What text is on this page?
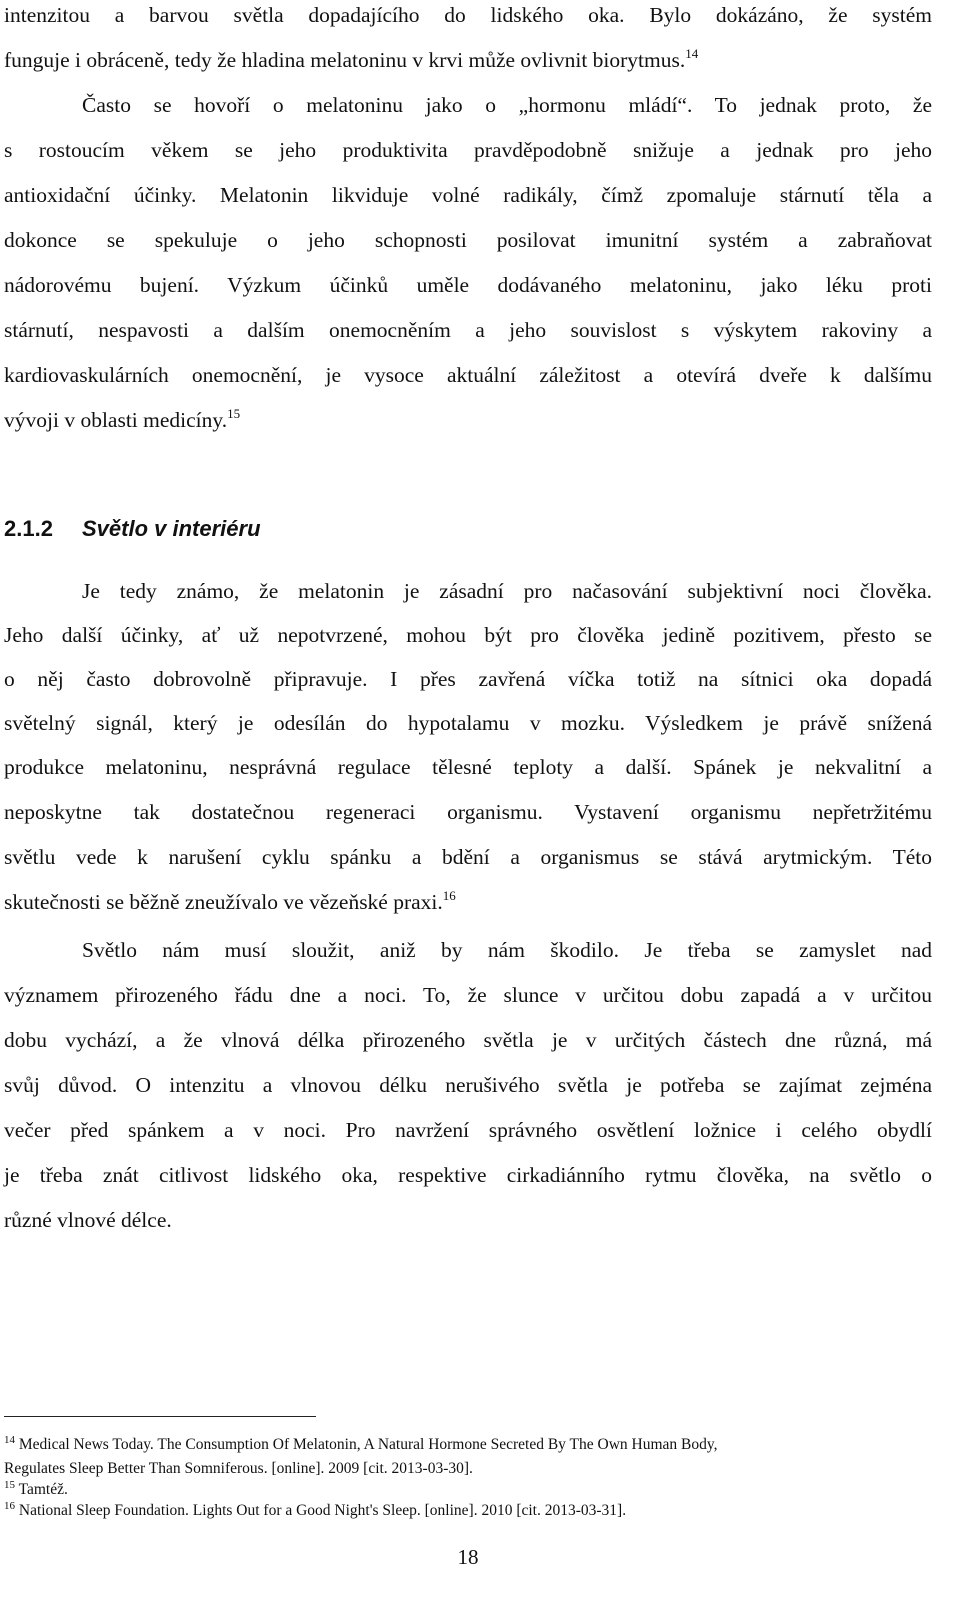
intenzitou a barvou světla dopadajícího do lidského oka. Bylo dokázáno, že systém
funguje i obráceně, tedy že hladina melatoninu v krvi může ovlivnit biorytmus.$^{14}$
Často se hovoří o melatoninu jako o „hormonu mládí“. To jednak proto, že
s rostoucím věkem se jeho produktivita pravděpodobně snižuje a jednak pro jeho
antioxidační účinky. Melatonin likviduje volné radikály, čímž zpomaluje stárnutí těla a
dokonce se spekuluje o jeho schopnosti posilovat imunitní systém a zabraňovat
nádorovému bujení. Výzkum účinků uměle dodávaného melatoninu, jako léku proti
stárnutí, nespavosti a dalším onemocněním a jeho souvislost s výskytem rakoviny a
kardiovaskulárních onemocnění, je vysoce aktuální záležitost a otevírá dveře k dalšímu
vývoji v oblasti medicíny.$^{15}$
2.1.2 Světlo v interiéru
Je tedy známo, že melatonin je zásadní pro načasování subjektivní noci člověka.
Jeho další účinky, ať už nepotvrzené, mohou být pro člověka jedině pozitivem, přesto se
o něj často dobrovolně připravuje. I přes zavřená víčka totiž na sítnici oka dopadá
světelný signál, který je odesílán do hypotalamu v mozku. Výsledkem je právě snížená
produkce melatoninu, nesprávná regulace tělesné teploty a další. Spánek je nekvalitní a
neposkytne tak dostatečnou regeneraci organismu. Vystavení organismu nepřetržitému
světlu vede k narušení cyklu spánku a bdění a organismus se stává arytmickým. Této
skutečnosti se běžně zneužívalo ve vězeňské praxi.$^{16}$
Světlo nám musí sloužit, aniž by nám škodilo. Je třeba se zamyslet nad
významem přirozeného řádu dne a noci. To, že slunce v určitou dobu zapadá a v určitou
dobu vychází, a že vlnová délka přirozeného světla je v určitých částech dne různá, má
svůj důvod. O intenzitu a vlnovou délku nerušivého světla je potřeba se zajímat zejména
večer před spánkem a v noci. Pro navržení správného osvětlení ložnice i celého obydlí
je třeba znát citlivost lidského oka, respektive cirkadiánního rytmu člověka, na světlo o
různé vlnové délce.
$^{14}$ Medical News Today. The Consumption Of Melatonin, A Natural Hormone Secreted By The Own Human Body,
Regulates Sleep Better Than Somniferous. [online]. 2009 [cit. 2013-03-30].
$^{15}$ Tamtéž.
$^{16}$ National Sleep Foundation. Lights Out for a Good Night's Sleep. [online]. 2010 [cit. 2013-03-31].
18
